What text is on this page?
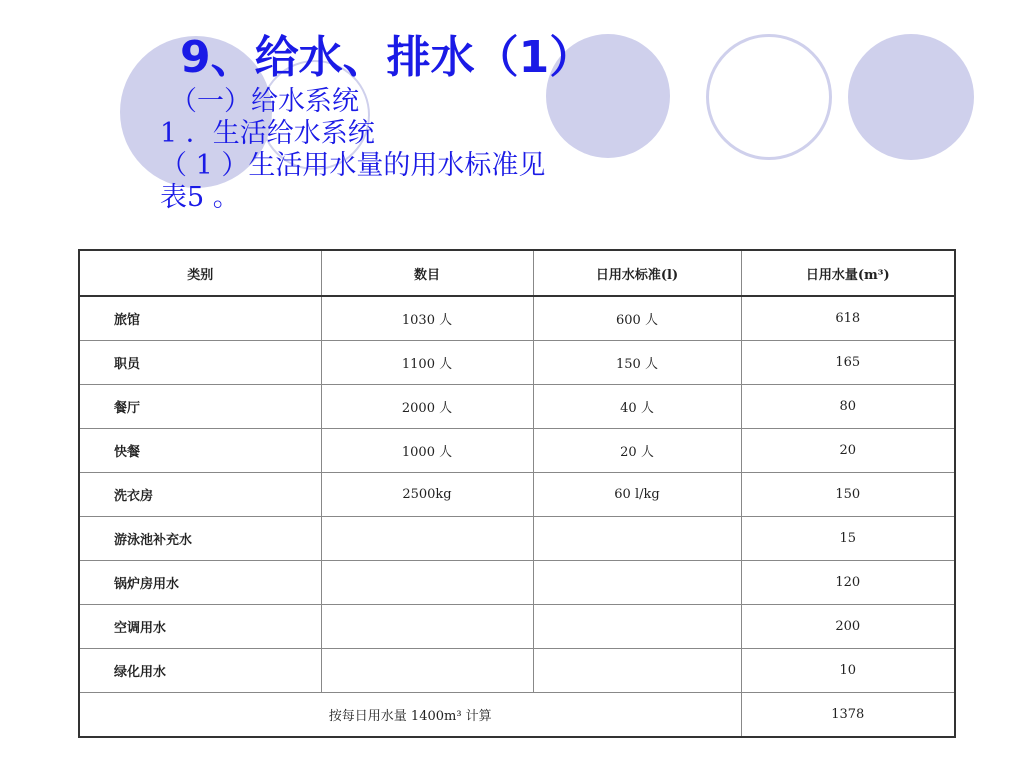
9、给水、排水（1）
（一）给水系统
1 ．生活给水系统
（ 1 ）生活用水量的用水标准见
表5 。
类别	数目	日用水标准(l)	日用水量(m³)
旅馆	1030 人	600 人	618
职员	1100 人	150 人	165
餐厅	2000 人	40 人	80
快餐	1000 人	20 人	20
洗衣房	2500kg	60 l/kg	150
游泳池补充水			15
锅炉房用水			120
空调用水			200
绿化用水			10
按每日用水量 1400m³ 计算			1378
